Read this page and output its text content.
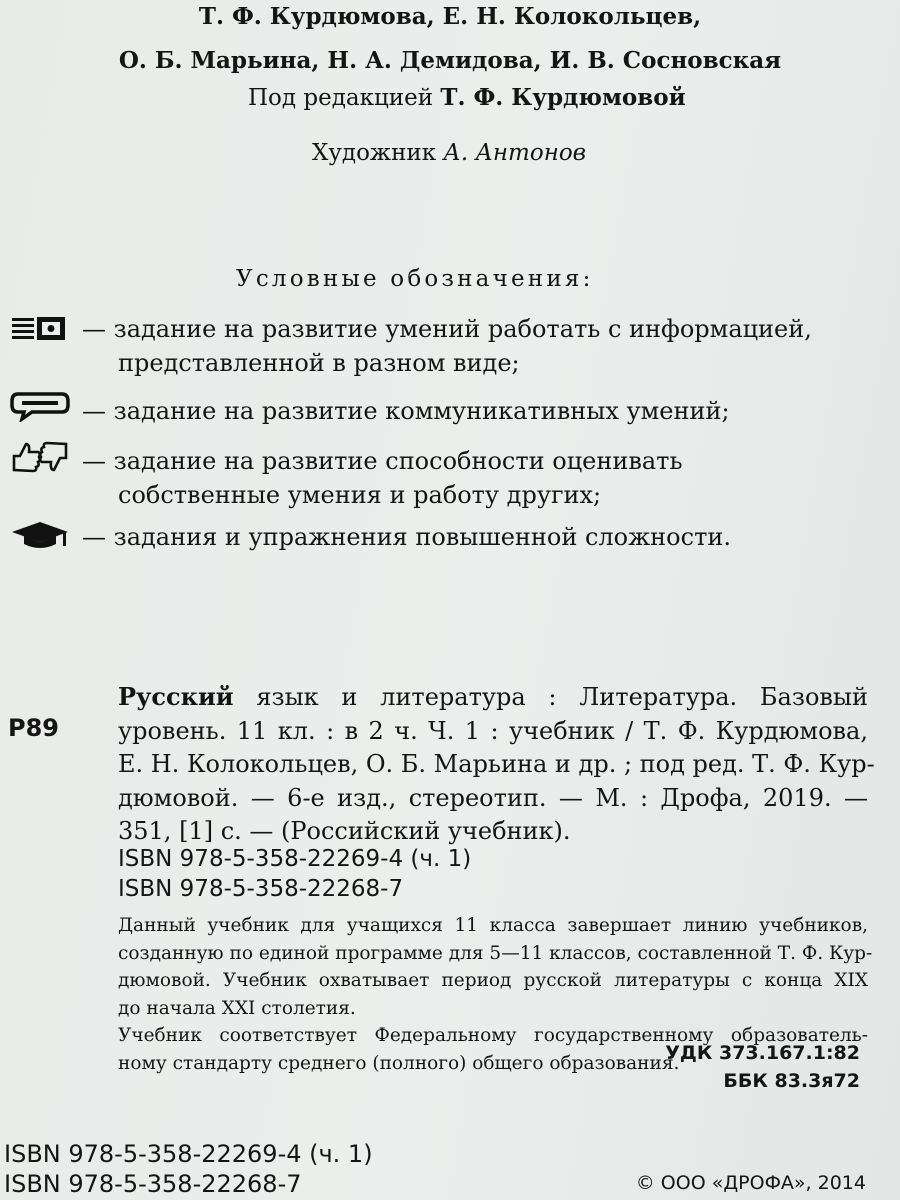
Т. Ф. Курдюмова, Е. Н. Колокольцев,
О. Б. Марьина, Н. А. Демидова, И. В. Сосновская
Под редакцией Т. Ф. Курдюмовой
Художник А. Антонов
Условные обозначения:
— задание на развитие умений работать с информацией,
представленной в разном виде;
— задание на развитие коммуникативных умений;
— задание на развитие способности оценивать
собственные умения и работу других;
— задания и упражнения повышенной сложности.
Р89
Русский язык и литература : Литература. Базовый
уровень. 11 кл. : в 2 ч. Ч. 1 : учебник / Т. Ф. Курдюмова,
Е. Н. Колокольцев, О. Б. Марьина и др. ; под ред. Т. Ф. Кур-
дюмовой. — 6-е изд., стереотип. — М. : Дрофа, 2019. —
351, [1] с. — (Российский учебник).
ISBN 978-5-358-22269-4 (ч. 1)
ISBN 978-5-358-22268-7
Данный учебник для учащихся 11 класса завершает линию учебников,
созданную по единой программе для 5—11 классов, составленной Т. Ф. Кур-
дюмовой. Учебник охватывает период русской литературы с конца XIX
до начала XXI столетия.
Учебник соответствует Федеральному государственному образователь-
ному стандарту среднего (полного) общего образования.
УДК 373.167.1:82
ББК 83.3я72
ISBN 978-5-358-22269-4 (ч. 1)
ISBN 978-5-358-22268-7	© ООО «ДРОФА», 2014
